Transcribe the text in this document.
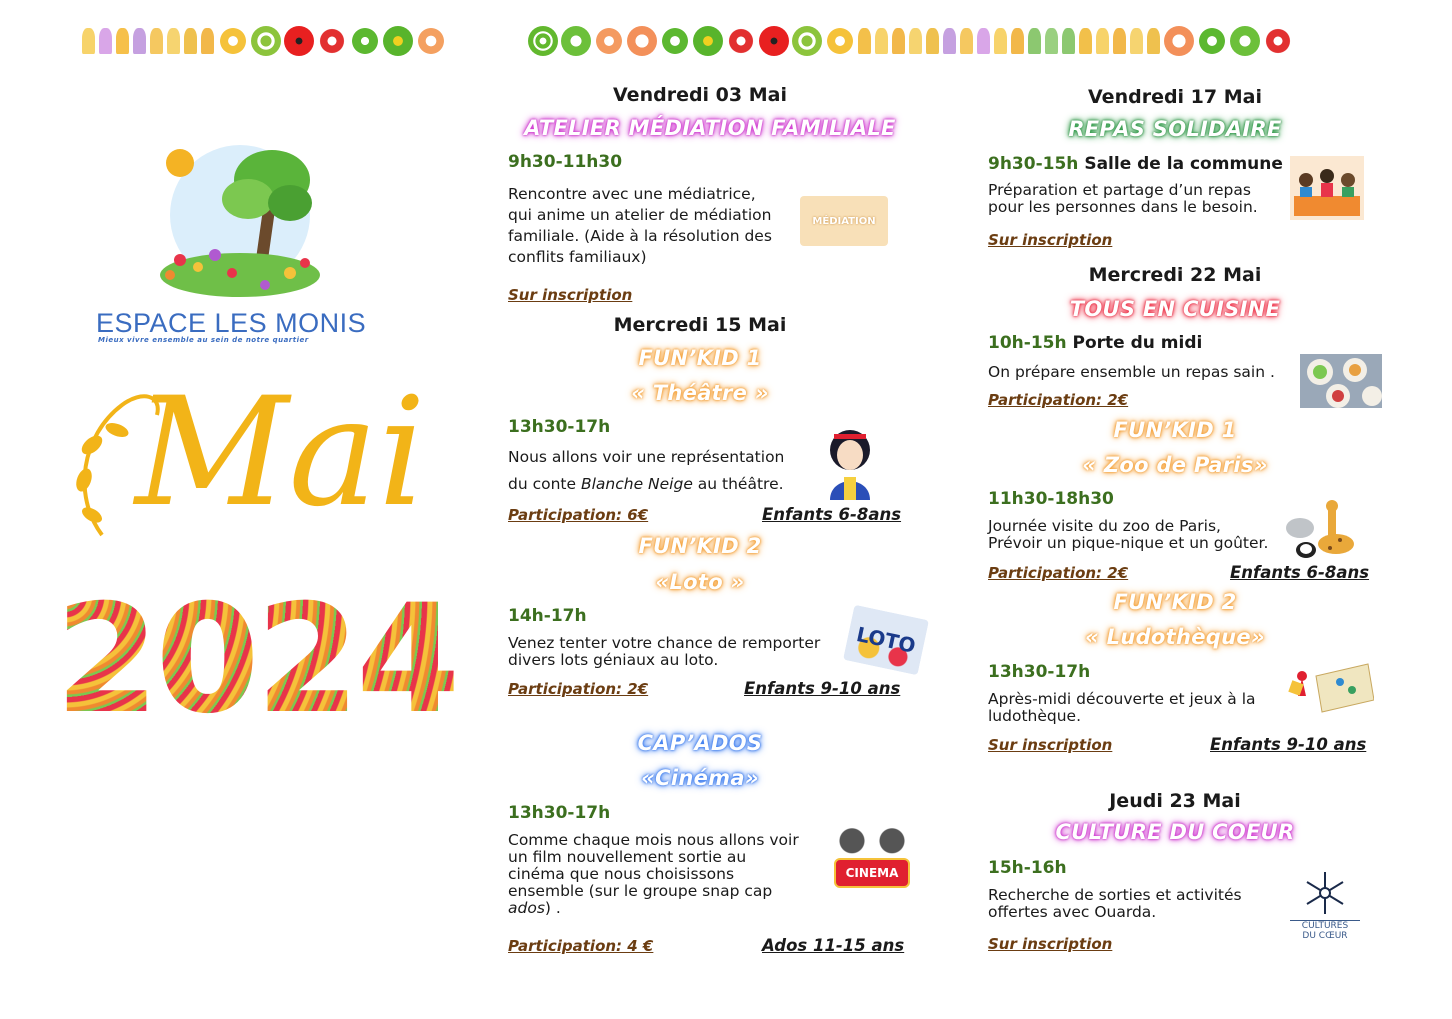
ESPACE LES MONIS
Mieux vivre ensemble au sein de notre quartier
Mai
2024
Vendredi 03 Mai
ATELIER MÉDIATION FAMILIALE
9h30-11h30
Rencontre avec une médiatrice,
qui anime un atelier de médiation
familiale. (Aide à la résolution des
conflits familiaux)
MÉDIATION
Sur inscription
Mercredi 15 Mai
FUN’KID 1
« Théâtre »
13h30-17h
Nous allons voir une représentation
du conte Blanche Neige au théâtre.
Participation: 6€	Enfants 6-8ans
FUN’KID 2
«Loto »
14h-17h
Venez tenter votre chance de remporter
divers lots géniaux au loto.
LOTO
Participation: 2€	Enfants 9-10 ans
CAP’ADOS
«Cinéma»
13h30-17h
Comme chaque mois nous allons voir
un film nouvellement sortie au
cinéma que nous choisissons
ensemble (sur le groupe snap cap
ados) .
CINEMA
Participation: 4 €	Ados 11-15 ans
Vendredi 17 Mai
REPAS SOLIDAIRE
9h30-15h Salle de la commune
Préparation et partage d’un repas
pour les personnes dans le besoin.
Sur inscription
Mercredi 22 Mai
TOUS EN CUISINE
10h-15h Porte du midi
On prépare ensemble un repas sain .
Participation: 2€
FUN’KID 1
« Zoo de Paris»
11h30-18h30
Journée visite du zoo de Paris,
Prévoir un pique-nique et un goûter.
Participation: 2€	Enfants 6-8ans
FUN’KID 2
« Ludothèque»
13h30-17h
Après-midi découverte et jeux à la
ludothèque.
Sur inscription	Enfants 9-10 ans
Jeudi 23 Mai
CULTURE DU COEUR
15h-16h
Recherche de sorties et activités
offertes avec Ouarda.
CULTURES
DU CŒUR
Sur inscription
